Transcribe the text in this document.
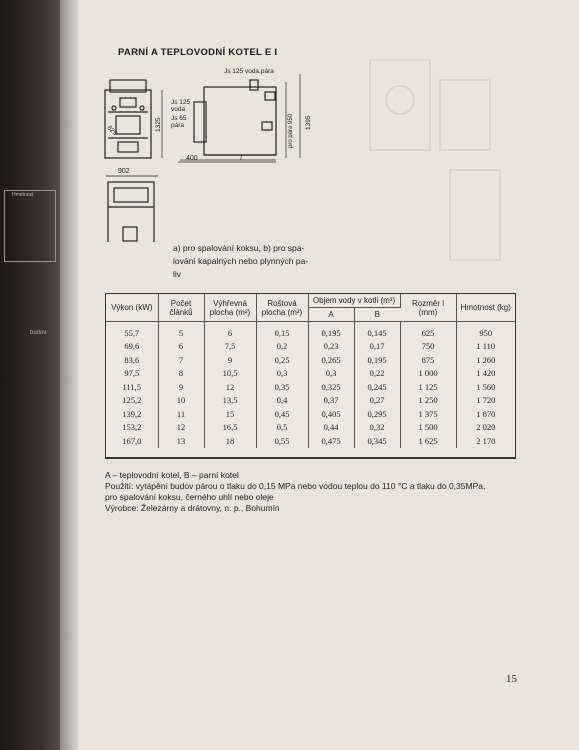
PARNÍ A TEPLOVODNÍ KOTEL E I
Js 125 voda,pára
Js 125
voda
Js 65
pára
1325	1395
pro pára 950
625
400	l
902
a) pro spalování koksu, b) pro spa-
lování kapalných nebo plynných pa-
liv
Výkon (kW)	Počet článků	Výhřevná plocha (m²)	Roštová plocha (m²)	Objem vody v kotli (m³)		Rozměr l (mm)	Hmotnost (kg)
				A	B		
55,7	5	6	0,15	0,195	0,145	625	950
69,6	6	7,5	0,2	0,23	0,17	750	1 110
83,6	7	9	0,25	0,265	0,195	875	1 260
97,5	8	10,5	0,3	0,3	0,22	1 000	1 420
111,5	9	12	0,35	0,325	0,245	1 125	1 560
125,2	10	13,5	0,4	0,37	0,27	1 250	1 720
139,2	11	15	0,45	0,405	0,295	1 375	1 870
153,2	12	16,5	0,5	0,44	0,32	1 500	2 020
167,0	13	18	0,55	0,475	0,345	1 625	2 170
A – teplovodní kotel, B – parní kotel
Použití: vytápění budov párou o tlaku do 0,15 MPa nebo vodou teplou do 110 °C a tlaku do 0,35MPa,
pro spalování koksu, černého uhlí nebo oleje
Výrobce: Železárny a drátovny, n. p., Bohumín
15
Hmotnost
budov
